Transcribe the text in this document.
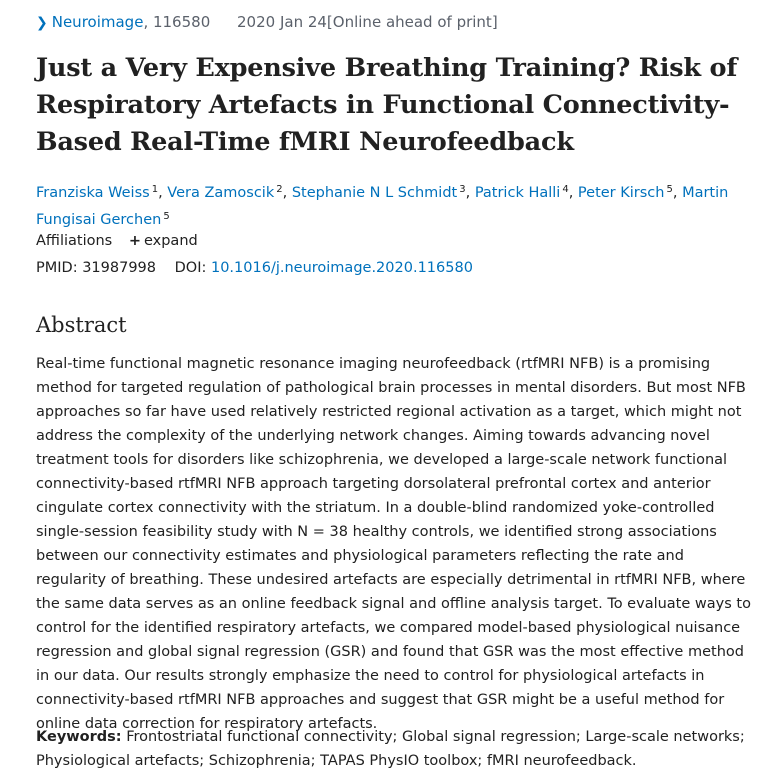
❯ Neuroimage, 116580 2020 Jan 24[Online ahead of print]
Just a Very Expensive Breathing Training? Risk of Respiratory Artefacts in Functional Connectivity-Based Real-Time fMRI Neurofeedback
Franziska Weiss $^1$, Vera Zamoscik $^2$, Stephanie N L Schmidt $^3$, Patrick Halli $^4$, Peter Kirsch $^5$, Martin Fungisai Gerchen $^5$
Affiliations + expand
PMID: 31987998 DOI: 10.1016/j.neuroimage.2020.116580
Abstract

Real-time functional magnetic resonance imaging neurofeedback (rtfMRI NFB) is a promising method for targeted regulation of pathological brain processes in mental disorders. But most NFB approaches so far have used relatively restricted regional activation as a target, which might not address the complexity of the underlying network changes. Aiming towards advancing novel treatment tools for disorders like schizophrenia, we developed a large-scale network functional connectivity-based rtfMRI NFB approach targeting dorsolateral prefrontal cortex and anterior cingulate cortex connectivity with the striatum. In a double-blind randomized yoke-controlled single-session feasibility study with N = 38 healthy controls, we identified strong associations between our connectivity estimates and physiological parameters reflecting the rate and regularity of breathing. These undesired artefacts are especially detrimental in rtfMRI NFB, where the same data serves as an online feedback signal and offline analysis target. To evaluate ways to control for the identified respiratory artefacts, we compared model-based physiological nuisance regression and global signal regression (GSR) and found that GSR was the most effective method in our data. Our results strongly emphasize the need to control for physiological artefacts in connectivity-based rtfMRI NFB approaches and suggest that GSR might be a useful method for online data correction for respiratory artefacts.

Keywords: Frontostriatal functional connectivity; Global signal regression; Large-scale networks; Physiological artefacts; Schizophrenia; TAPAS PhysIO toolbox; fMRI neurofeedback.
